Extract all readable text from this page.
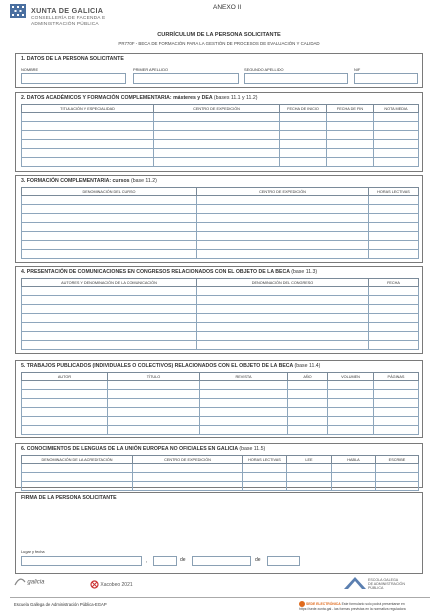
XUNTA DE GALICIA
CONSELLERÍA DE FACENDA E
ADMINISTRACIÓN PÚBLICA
ANEXO II
CURRÍCULUM DE LA PERSONA SOLICITANTE
PR770F - BECA DE FORMACIÓN PARA LA GESTIÓN DE PROCESOS DE EVALUACIÓN Y CALIDAD
1. DATOS DE LA PERSONA SOLICITANTE
NOMBRE	PRIMER APELLIDO	SEGUNDO APELLIDO	NIF
2. DATOS ACADÉMICOS Y FORMACIÓN COMPLEMENTARIA: másteres y DEA (bases 11.1 y 11.2)
TITULACIÓN Y ESPECIALIDAD	CENTRO DE EXPEDICIÓN	FECHA DE INICIO	FECHA DE FIN	NOTA MEDIA

3. FORMACIÓN COMPLEMENTARIA: cursos (base 11.2)
DENOMINACIÓN DEL CURSO	CENTRO DE EXPEDICIÓN	HORAS LECTIVAS

4. PRESENTACIÓN DE COMUNICACIONES EN CONGRESOS RELACIONADOS CON EL OBJETO DE LA BECA (base 11.3)
AUTORES Y DENOMINACIÓN DE LA COMUNICACIÓN	DENOMINACIÓN DEL CONGRESO	FECHA

5. TRABAJOS PUBLICADOS (INDIVIDUALES O COLECTIVOS) RELACIONADOS CON EL OBJETO DE LA BECA (base 11.4)
AUTOR	TÍTULO	REVISTA	AÑO	VOLUMEN	PÁGINAS

6. CONOCIMIENTOS DE LENGUAS DE LA UNIÓN EUROPEA NO OFICIALES EN GALICIA (base 11.5)
DENOMINACIÓN DE LA ACREDITACIÓN	CENTRO DE EXPEDICIÓN	HORAS LECTIVAS	LEE	HABLA	ESCRIBE

FIRMA DE LA PERSONA SOLICITANTE
Lugar y fecha
,	de	de
galicia	Xacobeo 2021
ESCOLA GALEGA
DE ADMINISTRACIÓN
PÚBLICA
Escuela Gallega de Administración Pública-EGAP	SEDE ELECTRÓNICA Este formulario solo podrá presentarse en https://sede.xunta.gal - las formas previstas en la normativa reguladora
